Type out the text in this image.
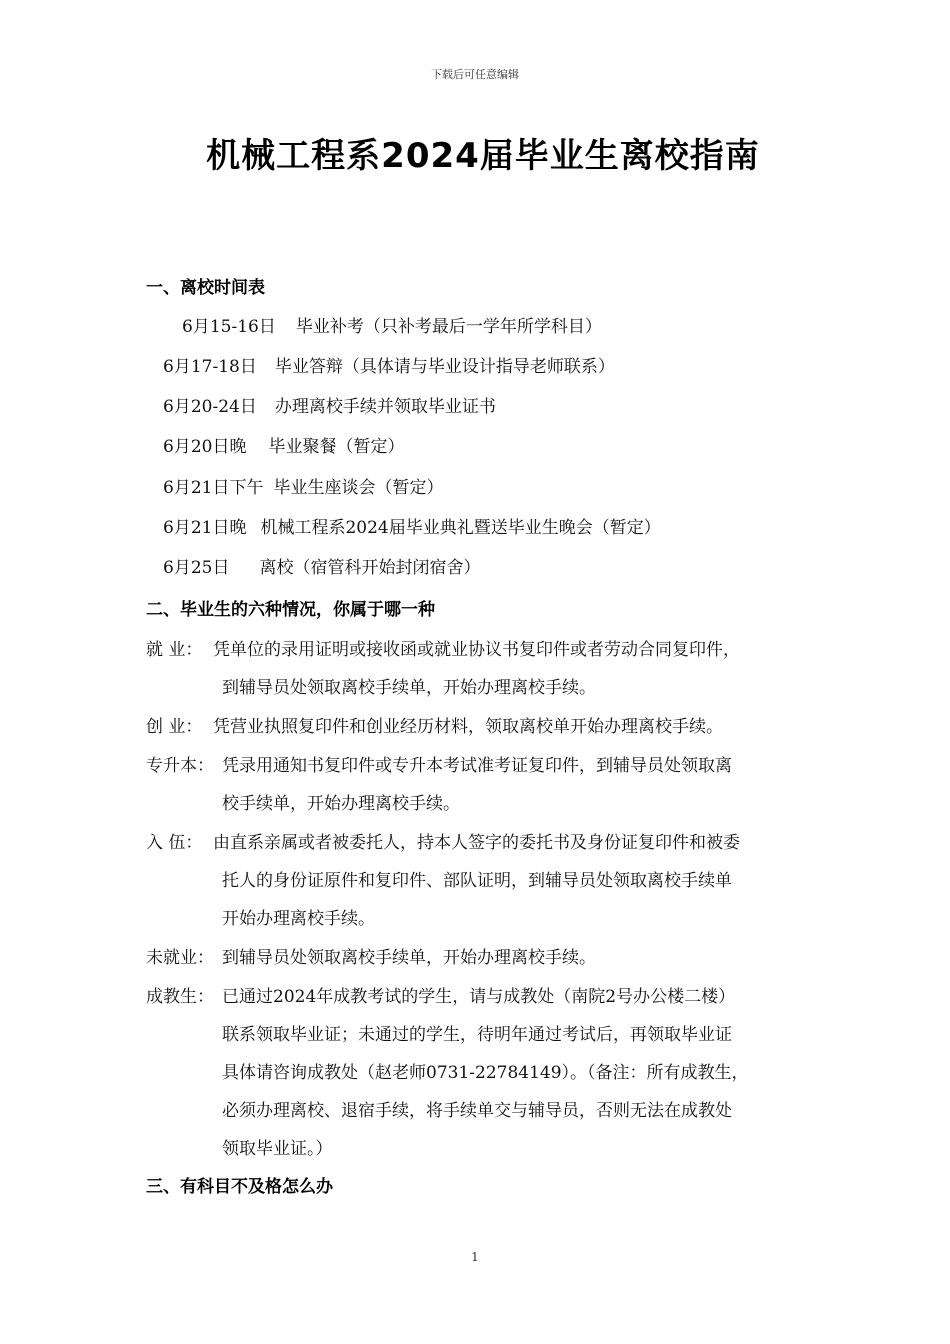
下载后可任意编辑
机械工程系2024届毕业生离校指南
一、离校时间表
6月15-16日 毕业补考（只补考最后一学年所学科目）
6月17-18日 毕业答辩（具体请与毕业设计指导老师联系）
6月20-24日 办理离校手续并领取毕业证书
6月20日晚 毕业聚餐（暂定）
6月21日下午 毕业生座谈会（暂定）
6月21日晚 机械工程系2024届毕业典礼暨送毕业生晚会（暂定）
6月25日 离校（宿管科开始封闭宿舍）
二、毕业生的六种情况，你属于哪一种
就 业： 凭单位的录用证明或接收函或就业协议书复印件或者劳动合同复印件，
到辅导员处领取离校手续单，开始办理离校手续。
创 业： 凭营业执照复印件和创业经历材料，领取离校单开始办理离校手续。
专升本： 凭录用通知书复印件或专升本考试准考证复印件，到辅导员处领取离
校手续单，开始办理离校手续。
入 伍： 由直系亲属或者被委托人，持本人签字的委托书及身份证复印件和被委
托人的身份证原件和复印件、部队证明，到辅导员处领取离校手续单
开始办理离校手续。
未就业： 到辅导员处领取离校手续单，开始办理离校手续。
成教生： 已通过2024年成教考试的学生，请与成教处（南院2号办公楼二楼）
联系领取毕业证；未通过的学生，待明年通过考试后，再领取毕业证
具体请咨询成教处（赵老师0731-22784149）。（备注：所有成教生，
必须办理离校、退宿手续，将手续单交与辅导员，否则无法在成教处
领取毕业证。）
三、有科目不及格怎么办
1
